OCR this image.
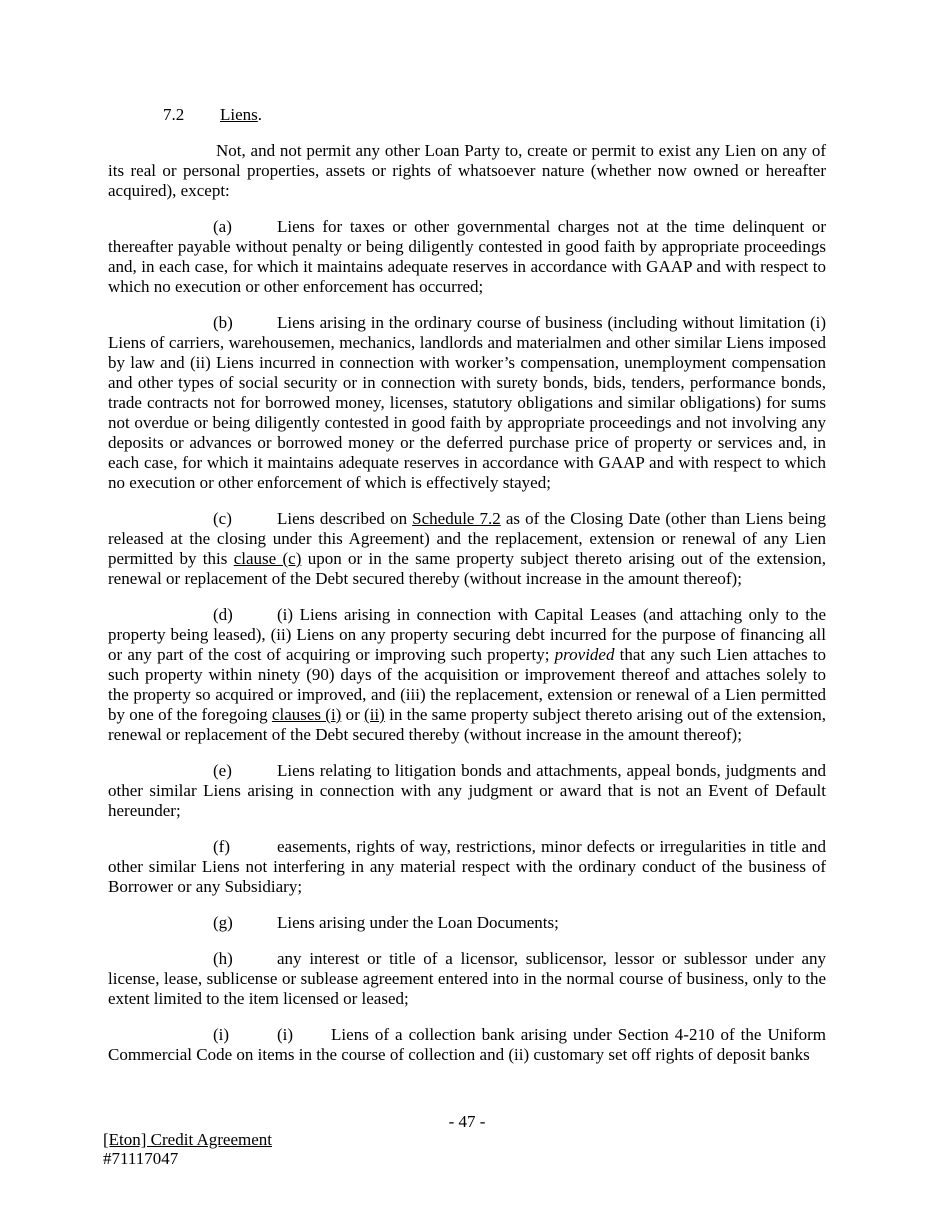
7.2 Liens.

Not, and not permit any other Loan Party to, create or permit to exist any Lien on any of its real or personal properties, assets or rights of whatsoever nature (whether now owned or hereafter acquired), except:

(a)	Liens for taxes or other governmental charges not at the time delinquent or thereafter payable without penalty or being diligently contested in good faith by appropriate proceedings and, in each case, for which it maintains adequate reserves in accordance with GAAP and with respect to which no execution or other enforcement has occurred;

(b)	Liens arising in the ordinary course of business (including without limitation (i) Liens of carriers, warehousemen, mechanics, landlords and materialmen and other similar Liens imposed by law and (ii) Liens incurred in connection with worker’s compensation, unemployment compensation and other types of social security or in connection with surety bonds, bids, tenders, performance bonds, trade contracts not for borrowed money, licenses, statutory obligations and similar obligations) for sums not overdue or being diligently contested in good faith by appropriate proceedings and not involving any deposits or advances or borrowed money or the deferred purchase price of property or services and, in each case, for which it maintains adequate reserves in accordance with GAAP and with respect to which no execution or other enforcement of which is effectively stayed;

(c)	Liens described on Schedule 7.2 as of the Closing Date (other than Liens being released at the closing under this Agreement) and the replacement, extension or renewal of any Lien permitted by this clause (c) upon or in the same property subject thereto arising out of the extension, renewal or replacement of the Debt secured thereby (without increase in the amount thereof);

(d)	(i) Liens arising in connection with Capital Leases (and attaching only to the property being leased), (ii) Liens on any property securing debt incurred for the purpose of financing all or any part of the cost of acquiring or improving such property; provided that any such Lien attaches to such property within ninety (90) days of the acquisition or improvement thereof and attaches solely to the property so acquired or improved, and (iii) the replacement, extension or renewal of a Lien permitted by one of the foregoing clauses (i) or (ii) in the same property subject thereto arising out of the extension, renewal or replacement of the Debt secured thereby (without increase in the amount thereof);

(e)	Liens relating to litigation bonds and attachments, appeal bonds, judgments and other similar Liens arising in connection with any judgment or award that is not an Event of Default hereunder;

(f)	easements, rights of way, restrictions, minor defects or irregularities in title and other similar Liens not interfering in any material respect with the ordinary conduct of the business of Borrower or any Subsidiary;

(g)	Liens arising under the Loan Documents;

(h)	any interest or title of a licensor, sublicensor, lessor or sublessor under any license, lease, sublicense or sublease agreement entered into in the normal course of business, only to the extent limited to the item licensed or leased;

(i)	(i) Liens of a collection bank arising under Section 4-210 of the Uniform Commercial Code on items in the course of collection and (ii) customary set off rights of deposit banks

- 47 -
[Eton] Credit Agreement
#71117047
